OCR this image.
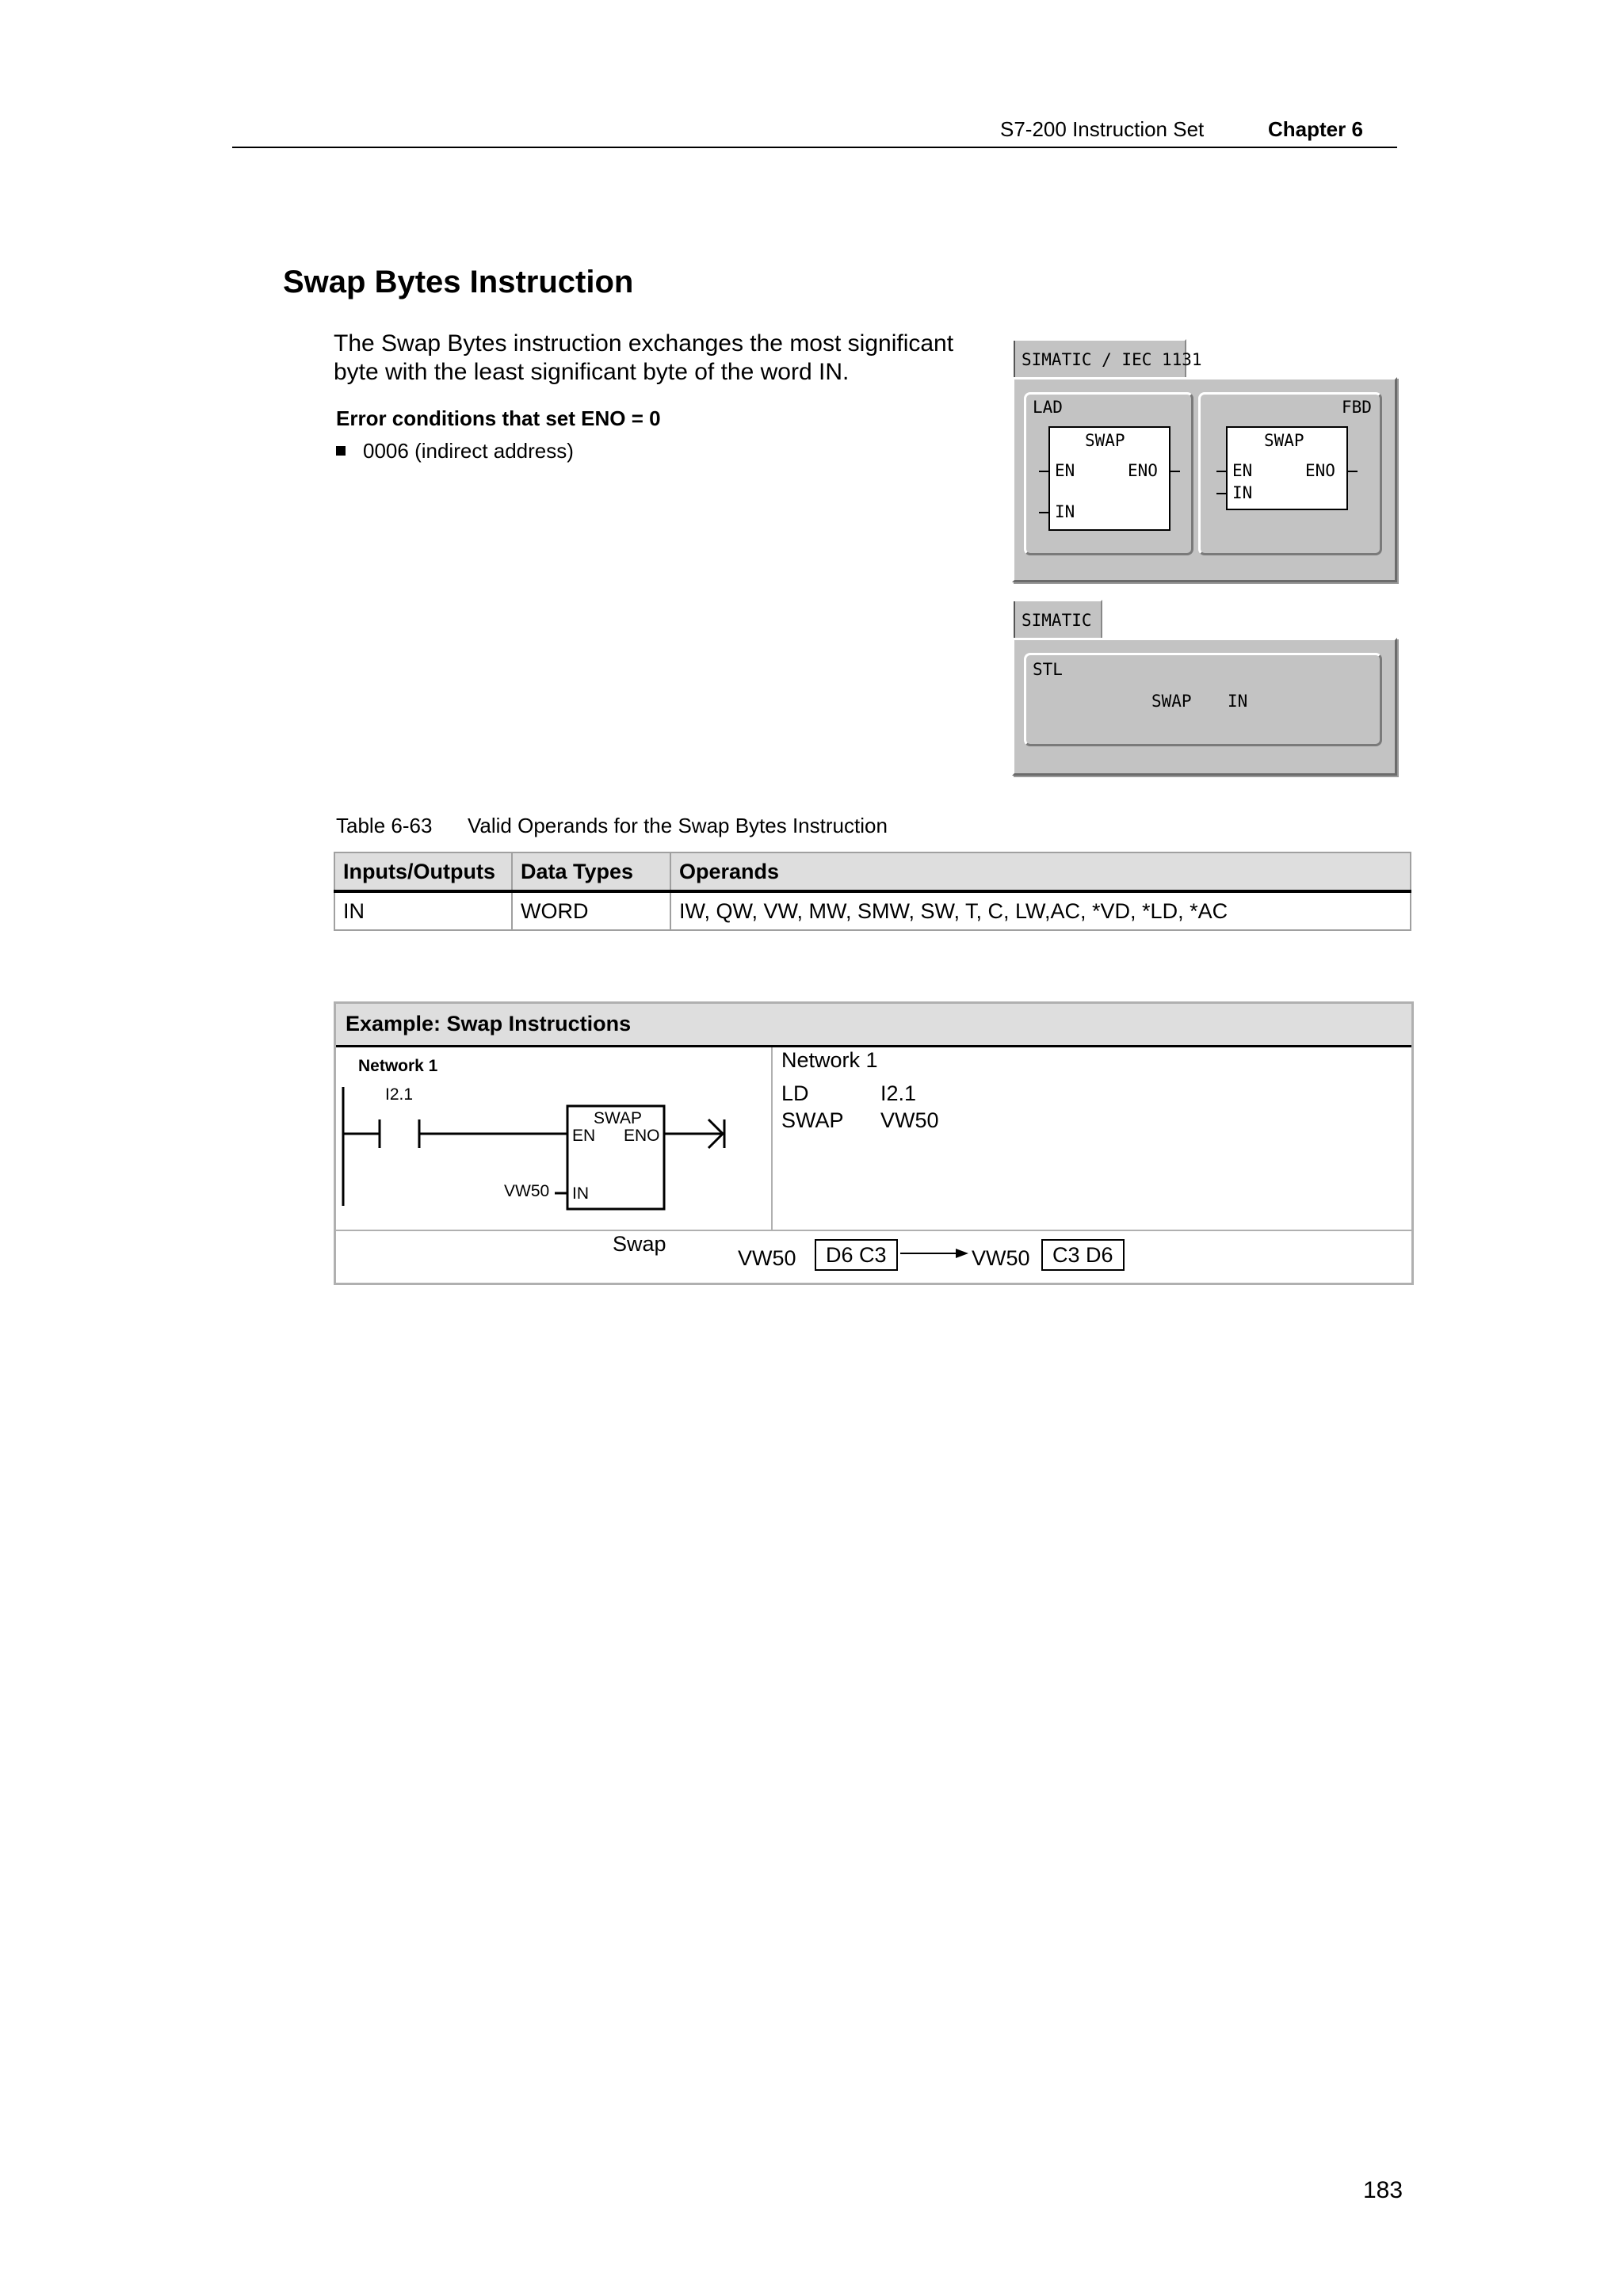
S7-200 Instruction Set	Chapter 6
Swap Bytes Instruction
The Swap Bytes instruction exchanges the most significant byte with the least significant byte of the word IN.
Error conditions that set ENO = 0
0006 (indirect address)
SIMATIC / IEC 1131
LAD
SWAP
EN	ENO
IN
FBD
SWAP
EN	ENO
IN
SIMATIC
STL
SWAP IN
Table 6-63 Valid Operands for the Swap Bytes Instruction
Inputs/Outputs	Data Types	Operands
IN	WORD	IW, QW, VW, MW, SMW, SW, T, C, LW,AC, *VD, *LD, *AC
Example: Swap Instructions
Network 1
I2.1
SWAP
EN ENO
IN
VW50
Network 1
LD	I2.1
SWAP VW50
Swap
VW50	D6 C3	VW50	C3 D6
183
